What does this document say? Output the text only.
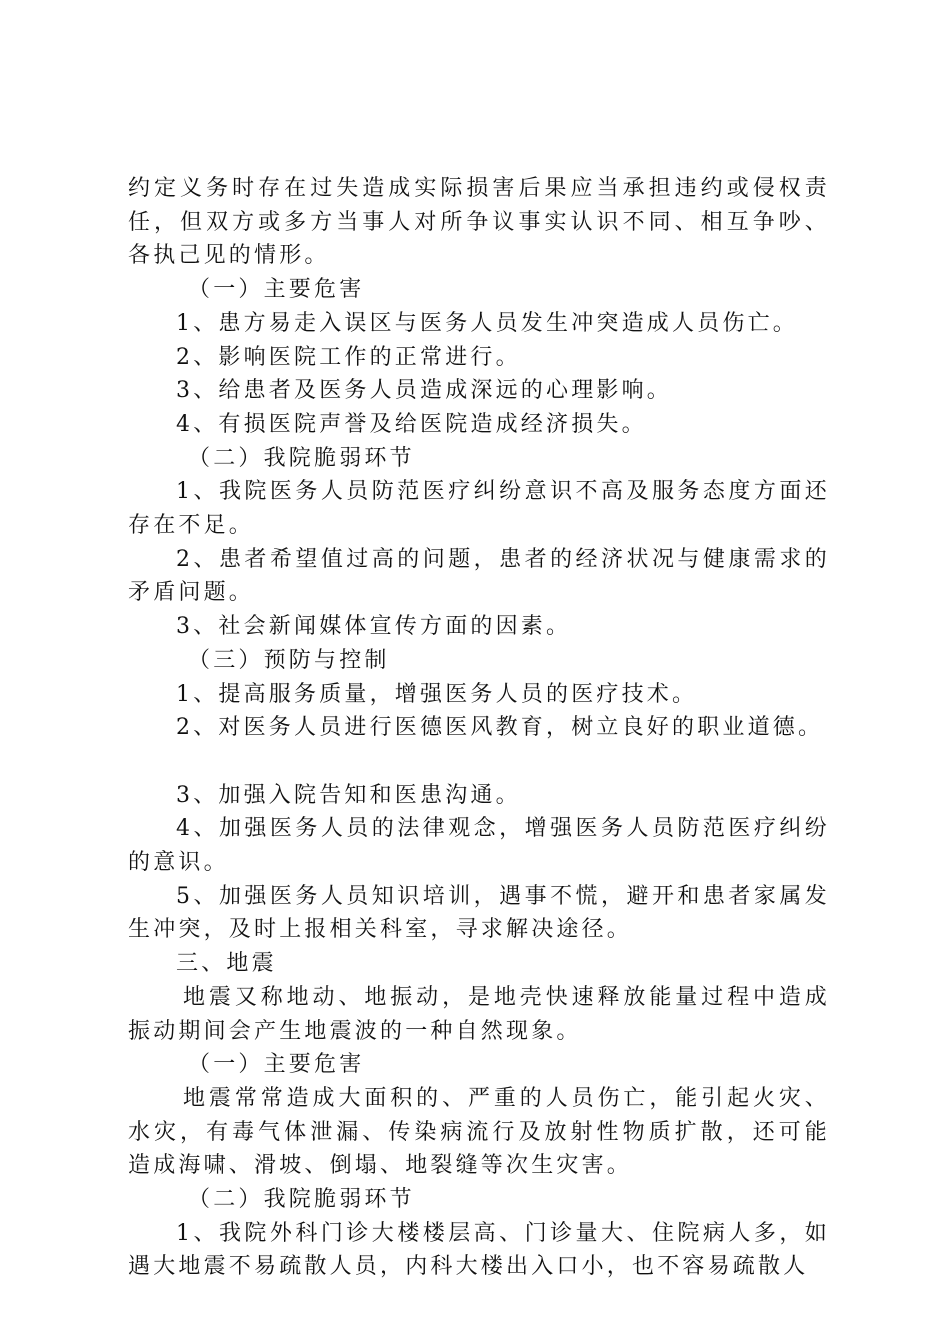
约定义务时存在过失造成实际损害后果应当承担违约或侵权责任，但双方或多方当事人对所争议事实认识不同、相互争吵、各执己见的情形。

（一）主要危害

1、患方易走入误区与医务人员发生冲突造成人员伤亡。

2、影响医院工作的正常进行。

3、给患者及医务人员造成深远的心理影响。

4、有损医院声誉及给医院造成经济损失。

（二）我院脆弱环节

1、我院医务人员防范医疗纠纷意识不高及服务态度方面还存在不足。

2、患者希望值过高的问题，患者的经济状况与健康需求的矛盾问题。

3、社会新闻媒体宣传方面的因素。

（三）预防与控制

1、提高服务质量，增强医务人员的医疗技术。

2、对医务人员进行医德医风教育，树立良好的职业道德。

3、加强入院告知和医患沟通。

4、加强医务人员的法律观念，增强医务人员防范医疗纠纷的意识。

5、加强医务人员知识培训，遇事不慌，避开和患者家属发生冲突，及时上报相关科室，寻求解决途径。

三、地震

地震又称地动、地振动，是地壳快速释放能量过程中造成振动期间会产生地震波的一种自然现象。

（一）主要危害

地震常常造成大面积的、严重的人员伤亡，能引起火灾、水灾，有毒气体泄漏、传染病流行及放射性物质扩散，还可能造成海啸、滑坡、倒塌、地裂缝等次生灾害。

（二）我院脆弱环节

1、我院外科门诊大楼楼层高、门诊量大、住院病人多，如遇大地震不易疏散人员，内科大楼出入口小，也不容易疏散人
